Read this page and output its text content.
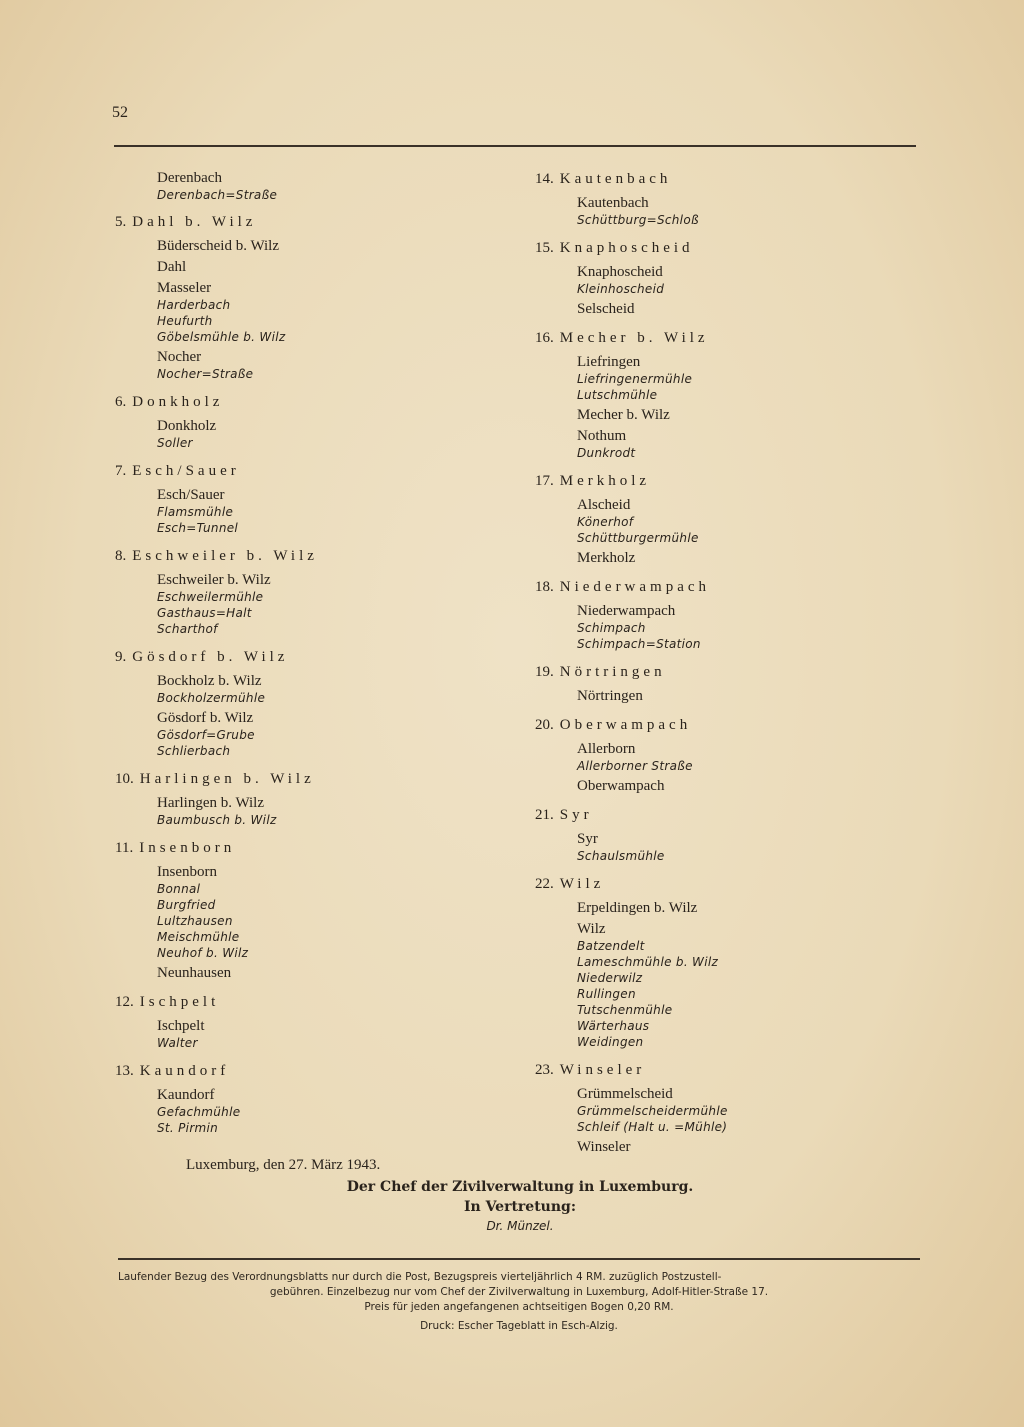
52
Derenbach
Derenbach=Straße
5. Dahl b. Wilz
Büderscheid b. Wilz
Dahl
Masseler
Harderbach
Heufurth
Göbelsmühle b. Wilz
Nocher
Nocher=Straße
6. Donkholz
Donkholz
Soller
7. Esch/Sauer
Esch/Sauer
Flamsmühle
Esch=Tunnel
8. Eschweiler b. Wilz
Eschweiler b. Wilz
Eschweilermühle
Gasthaus=Halt
Scharthof
9. Gösdorf b. Wilz
Bockholz b. Wilz
Bockholzermühle
Gösdorf b. Wilz
Gösdorf=Grube
Schlierbach
10. Harlingen b. Wilz
Harlingen b. Wilz
Baumbusch b. Wilz
11. Insenborn
Insenborn
Bonnal
Burgfried
Lultzhausen
Meischmühle
Neuhof b. Wilz
Neunhausen
12. Ischpelt
Ischpelt
Walter
13. Kaundorf
Kaundorf
Gefachmühle
St. Pirmin
14. Kautenbach
Kautenbach
Schüttburg=Schloß
15. Knaphoscheid
Knaphoscheid
Kleinhoscheid
Selscheid
16. Mecher b. Wilz
Liefringen
Liefringenermühle
Lutschmühle
Mecher b. Wilz
Nothum
Dunkrodt
17. Merkholz
Alscheid
Könerhof
Schüttburgermühle
Merkholz
18. Niederwampach
Niederwampach
Schimpach
Schimpach=Station
19. Nörtringen
Nörtringen
20. Oberwampach
Allerborn
Allerborner Straße
Oberwampach
21. Syr
Syr
Schaulsmühle
22. Wilz
Erpeldingen b. Wilz
Wilz
Batzendelt
Lameschmühle b. Wilz
Niederwilz
Rullingen
Tutschenmühle
Wärterhaus
Weidingen
23. Winseler
Grümmelscheid
Grümmelscheidermühle
Schleif (Halt u. =Mühle)
Winseler
Luxemburg, den 27. März 1943.
Der Chef der Zivilverwaltung in Luxemburg.
In Vertretung:
Dr. Münzel.
Laufender Bezug des Verordnungsblatts nur durch die Post, Bezugspreis vierteljährlich 4 RM. zuzüglich Postzustell-
gebühren. Einzelbezug nur vom Chef der Zivilverwaltung in Luxemburg, Adolf-Hitler-Straße 17.
Preis für jeden angefangenen achtseitigen Bogen 0,20 RM.
Druck: Escher Tageblatt in Esch-Alzig.
